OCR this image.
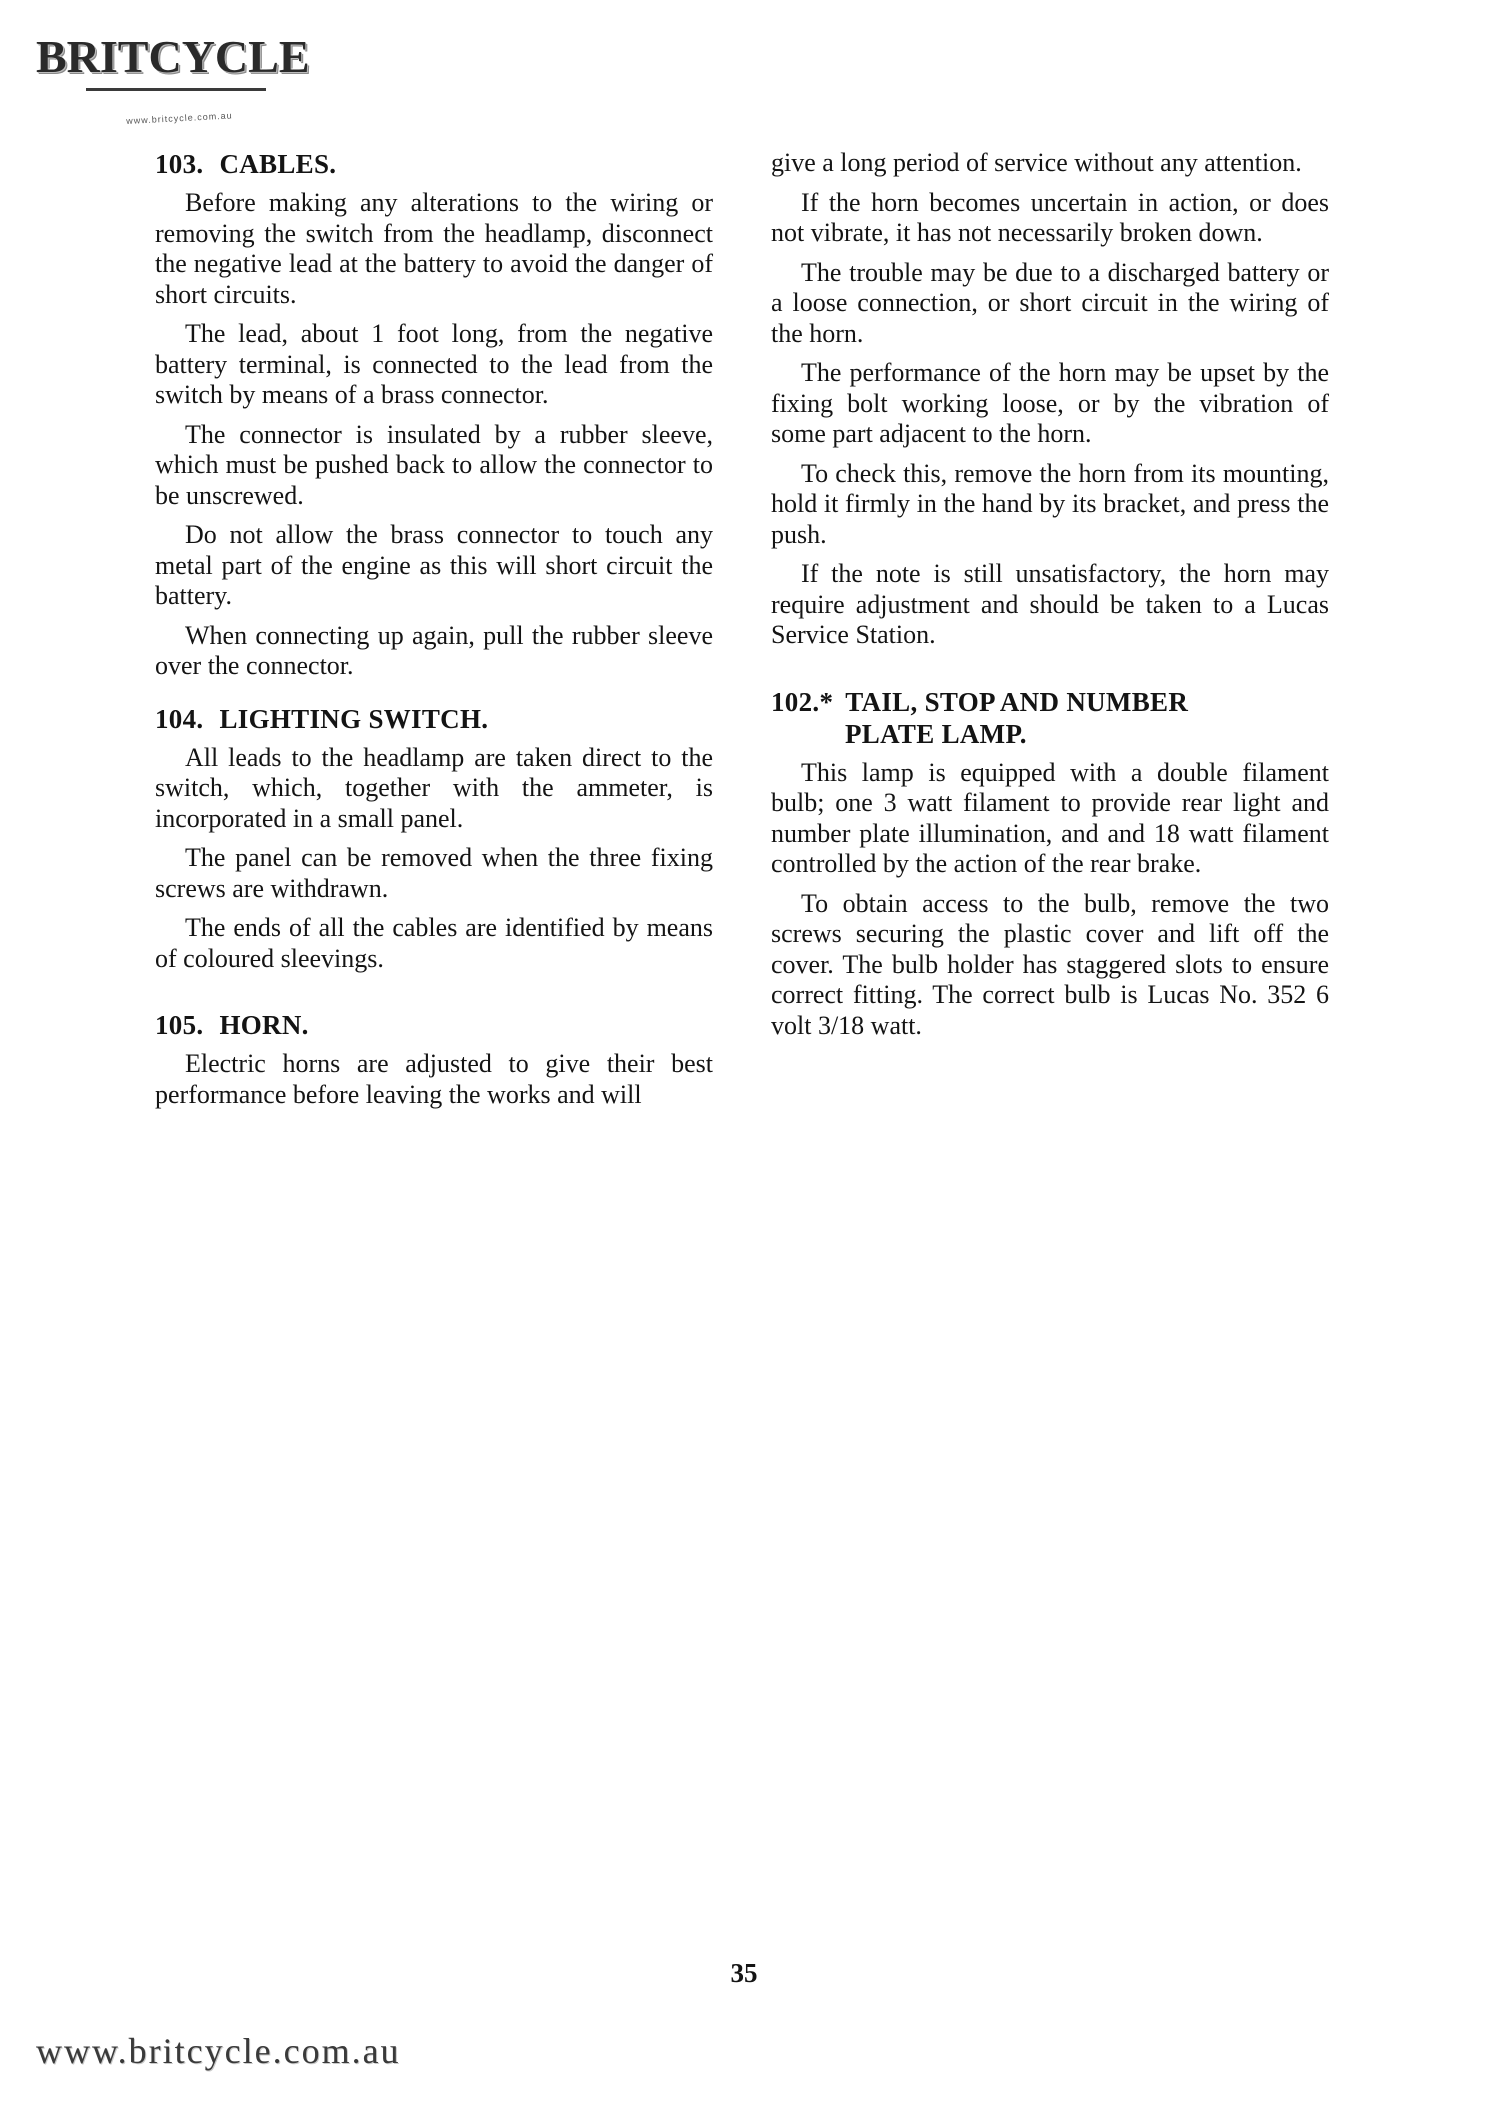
BRITCYCLE
www.britcycle.com.au
103. CABLES.

Before making any alterations to the wiring or removing the switch from the headlamp, disconnect the negative lead at the battery to avoid the danger of short circuits.

The lead, about 1 foot long, from the negative battery terminal, is connected to the lead from the switch by means of a brass connector.

The connector is insulated by a rubber sleeve, which must be pushed back to allow the connector to be unscrewed.

Do not allow the brass connector to touch any metal part of the engine as this will short circuit the battery.

When connecting up again, pull the rubber sleeve over the connector.

104. LIGHTING SWITCH.

All leads to the headlamp are taken direct to the switch, which, together with the ammeter, is incorporated in a small panel.

The panel can be removed when the three fixing screws are withdrawn.

The ends of all the cables are identified by means of coloured sleevings.

105. HORN.

Electric horns are adjusted to give their best performance before leaving the works and will

give a long period of service without any attention.

If the horn becomes uncertain in action, or does not vibrate, it has not necessarily broken down.

The trouble may be due to a discharged battery or a loose connection, or short circuit in the wiring of the horn.

The performance of the horn may be upset by the fixing bolt working loose, or by the vibration of some part adjacent to the horn.

To check this, remove the horn from its mounting, hold it firmly in the hand by its bracket, and press the push.

If the note is still unsatisfactory, the horn may require adjustment and should be taken to a Lucas Service Station.

102.* TAIL, STOP AND NUMBER
PLATE LAMP.

This lamp is equipped with a double filament bulb; one 3 watt filament to provide rear light and number plate illumination, and and 18 watt filament controlled by the action of the rear brake.

To obtain access to the bulb, remove the two screws securing the plastic cover and lift off the cover. The bulb holder has staggered slots to ensure correct fitting. The correct bulb is Lucas No. 352 6 volt 3/18 watt.

35
www.britcycle.com.au
